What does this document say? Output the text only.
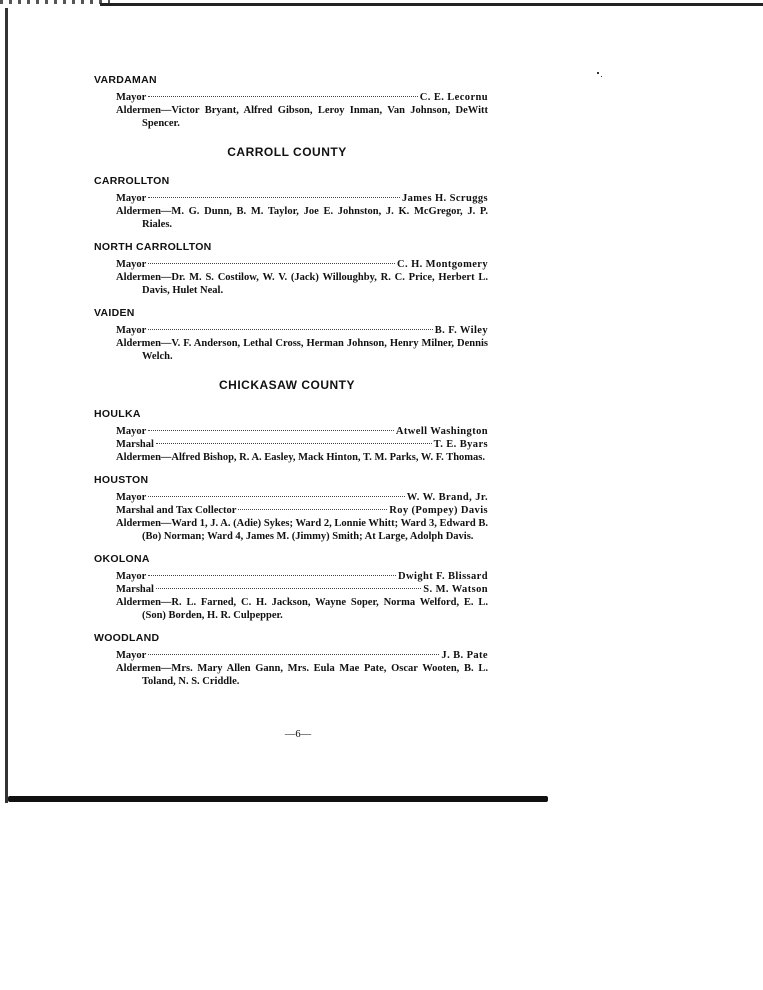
VARDAMAN
Mayor	C. E. Lecornu
Aldermen—Victor Bryant, Alfred Gibson, Leroy Inman, Van Johnson, DeWitt Spencer.
CARROLL COUNTY
CARROLLTON
Mayor	James H. Scruggs
Aldermen—M. G. Dunn, B. M. Taylor, Joe E. Johnston, J. K. McGregor, J. P. Riales.
NORTH CARROLLTON
Mayor	C. H. Montgomery
Aldermen—Dr. M. S. Costilow, W. V. (Jack) Willoughby, R. C. Price, Herbert L. Davis, Hulet Neal.
VAIDEN
Mayor	B. F. Wiley
Aldermen—V. F. Anderson, Lethal Cross, Herman Johnson, Henry Milner, Dennis Welch.
CHICKASAW COUNTY
HOULKA
Mayor	Atwell Washington
Marshal	T. E. Byars
Aldermen—Alfred Bishop, R. A. Easley, Mack Hinton, T. M. Parks, W. F. Thomas.
HOUSTON
Mayor	W. W. Brand, Jr.
Marshal and Tax Collector	Roy (Pompey) Davis
Aldermen—Ward 1, J. A. (Adie) Sykes; Ward 2, Lonnie Whitt; Ward 3, Edward B. (Bo) Norman; Ward 4, James M. (Jimmy) Smith; At Large, Adolph Davis.
OKOLONA
Mayor	Dwight F. Blissard
Marshal	S. M. Watson
Aldermen—R. L. Farned, C. H. Jackson, Wayne Soper, Norma Welford, E. L. (Son) Borden, H. R. Culpepper.
WOODLAND
Mayor	J. B. Pate
Aldermen—Mrs. Mary Allen Gann, Mrs. Eula Mae Pate, Oscar Wooten, B. L. Toland, N. S. Criddle.
—6—
